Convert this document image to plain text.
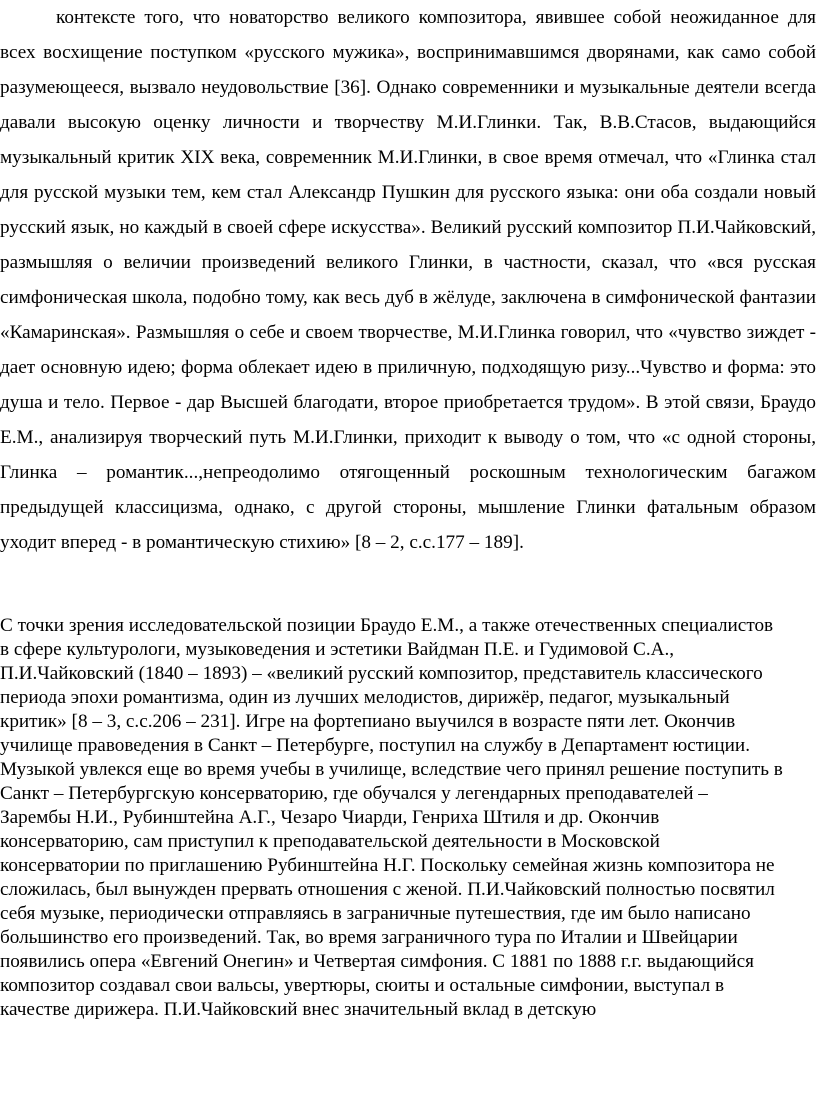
контексте того, что новаторство великого композитора, явившее собой неожиданное для всех восхищение поступком «русского мужика», воспринимавшимся дворянами, как само собой разумеющееся, вызвало неудовольствие [36]. Однако современники и музыкальные деятели всегда давали высокую оценку личности и творчеству М.И.Глинки. Так, В.В.Стасов, выдающийся музыкальный критик XIX века, современник М.И.Глинки, в свое время отмечал, что «Глинка стал для русской музыки тем, кем стал Александр Пушкин для русского языка: они оба создали новый русский язык, но каждый в своей сфере искусства». Великий русский композитор П.И.Чайковский, размышляя о величии произведений великого Глинки, в частности, сказал, что «вся русская симфоническая школа, подобно тому, как весь дуб в жёлуде, заключена в симфонической фантазии «Камаринская». Размышляя о себе и своем творчестве, М.И.Глинка говорил, что «чувство зиждет - дает основную идею; форма облекает идею в приличную, подходящую ризу...Чувство и форма: это душа и тело. Первое - дар Высшей благодати, второе приобретается трудом». В этой связи, Браудо Е.М., анализируя творческий путь М.И.Глинки, приходит к выводу о том, что «с одной стороны, Глинка – романтик...,непреодолимо отягощенный роскошным технологическим багажом предыдущей классицизма, однако, с другой стороны, мышление Глинки фатальным образом уходит вперед - в романтическую стихию» [8 – 2, с.с.177 – 189].

С точки зрения исследовательской позиции Браудо Е.М., а также отечественных специалистов в сфере культурологи, музыковедения и эстетики Вайдман П.Е. и Гудимовой С.А., П.И.Чайковский (1840 – 1893) – «великий русский композитор, представитель классического периода эпохи романтизма, один из лучших мелодистов, дирижёр, педагог, музыкальный критик» [8 – 3, с.с.206 – 231]. Игре на фортепиано выучился в возрасте пяти лет. Окончив училище правоведения в Санкт – Петербурге, поступил на службу в Департамент юстиции. Музыкой увлекся еще во время учебы в училище, вследствие чего принял решение поступить в Санкт – Петербургскую консерваторию, где обучался у легендарных преподавателей – Зарембы Н.И., Рубинштейна А.Г., Чезаро Чиарди, Генриха Штиля и др. Окончив консерваторию, сам приступил к преподавательской деятельности в Московской консерватории по приглашению Рубинштейна Н.Г. Поскольку семейная жизнь композитора не сложилась, был вынужден прервать отношения с женой. П.И.Чайковский полностью посвятил себя музыке, периодически отправляясь в заграничные путешествия, где им было написано большинство его произведений. Так, во время заграничного тура по Италии и Швейцарии появились опера «Евгений Онегин» и Четвертая симфония. С 1881 по 1888 г.г. выдающийся композитор создавал свои вальсы, увертюры, сюиты и остальные симфонии, выступал в качестве дирижера. П.И.Чайковский внес значительный вклад в детскую
